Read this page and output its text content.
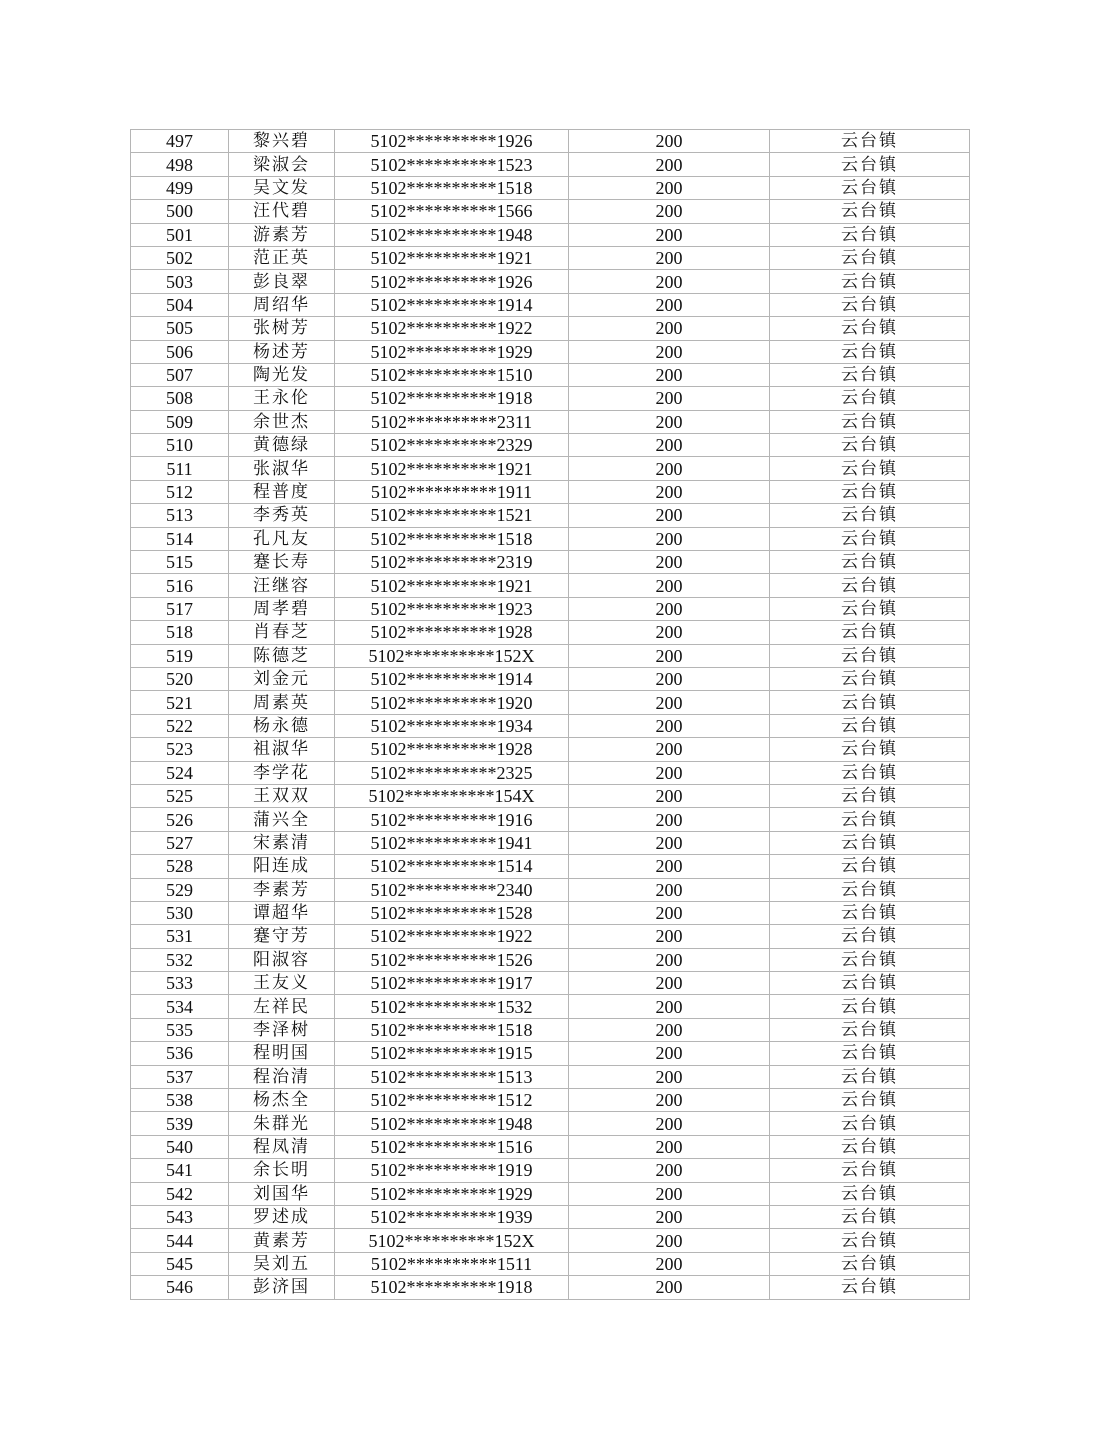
497	黎兴碧	5102**********1926	200	云台镇
498	梁淑会	5102**********1523	200	云台镇
499	吴文发	5102**********1518	200	云台镇
500	汪代碧	5102**********1566	200	云台镇
501	游素芳	5102**********1948	200	云台镇
502	范正英	5102**********1921	200	云台镇
503	彭良翠	5102**********1926	200	云台镇
504	周绍华	5102**********1914	200	云台镇
505	张树芳	5102**********1922	200	云台镇
506	杨述芳	5102**********1929	200	云台镇
507	陶光发	5102**********1510	200	云台镇
508	王永伦	5102**********1918	200	云台镇
509	余世杰	5102**********2311	200	云台镇
510	黄德绿	5102**********2329	200	云台镇
511	张淑华	5102**********1921	200	云台镇
512	程普度	5102**********1911	200	云台镇
513	李秀英	5102**********1521	200	云台镇
514	孔凡友	5102**********1518	200	云台镇
515	蹇长寿	5102**********2319	200	云台镇
516	汪继容	5102**********1921	200	云台镇
517	周孝碧	5102**********1923	200	云台镇
518	肖春芝	5102**********1928	200	云台镇
519	陈德芝	5102**********152X	200	云台镇
520	刘金元	5102**********1914	200	云台镇
521	周素英	5102**********1920	200	云台镇
522	杨永德	5102**********1934	200	云台镇
523	祖淑华	5102**********1928	200	云台镇
524	李学花	5102**********2325	200	云台镇
525	王双双	5102**********154X	200	云台镇
526	蒲兴全	5102**********1916	200	云台镇
527	宋素清	5102**********1941	200	云台镇
528	阳连成	5102**********1514	200	云台镇
529	李素芳	5102**********2340	200	云台镇
530	谭超华	5102**********1528	200	云台镇
531	蹇守芳	5102**********1922	200	云台镇
532	阳淑容	5102**********1526	200	云台镇
533	王友义	5102**********1917	200	云台镇
534	左祥民	5102**********1532	200	云台镇
535	李泽树	5102**********1518	200	云台镇
536	程明国	5102**********1915	200	云台镇
537	程治清	5102**********1513	200	云台镇
538	杨杰全	5102**********1512	200	云台镇
539	朱群光	5102**********1948	200	云台镇
540	程凤清	5102**********1516	200	云台镇
541	余长明	5102**********1919	200	云台镇
542	刘国华	5102**********1929	200	云台镇
543	罗述成	5102**********1939	200	云台镇
544	黄素芳	5102**********152X	200	云台镇
545	吴刘五	5102**********1511	200	云台镇
546	彭济国	5102**********1918	200	云台镇
